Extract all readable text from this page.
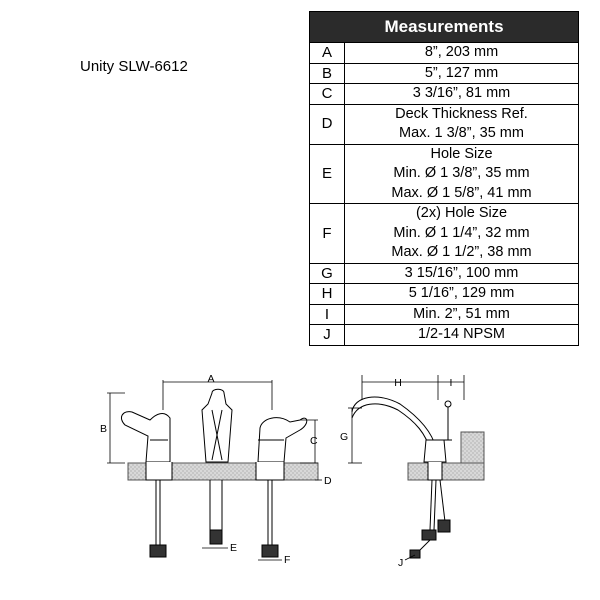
Unity SLW-6612
Measurements	
A	8”, 203 mm

B	5”, 127 mm

C	3 3/16”, 81 mm

D	Deck Thickness Ref.
Max. 1 3/8”, 35 mm

E	Hole Size
Min. Ø 1 3/8”, 35 mm
Max. Ø 1 5/8”, 41 mm

F	(2x) Hole Size
Min. Ø 1 1/4”, 32 mm
Max. Ø 1 1/2”, 38 mm

G	3 15/16”, 100 mm

H	5 1/16”, 129 mm

I	Min. 2”, 51 mm

J	1/2-14 NPSM
A
B
C
D
E
F
H	I
G
J
